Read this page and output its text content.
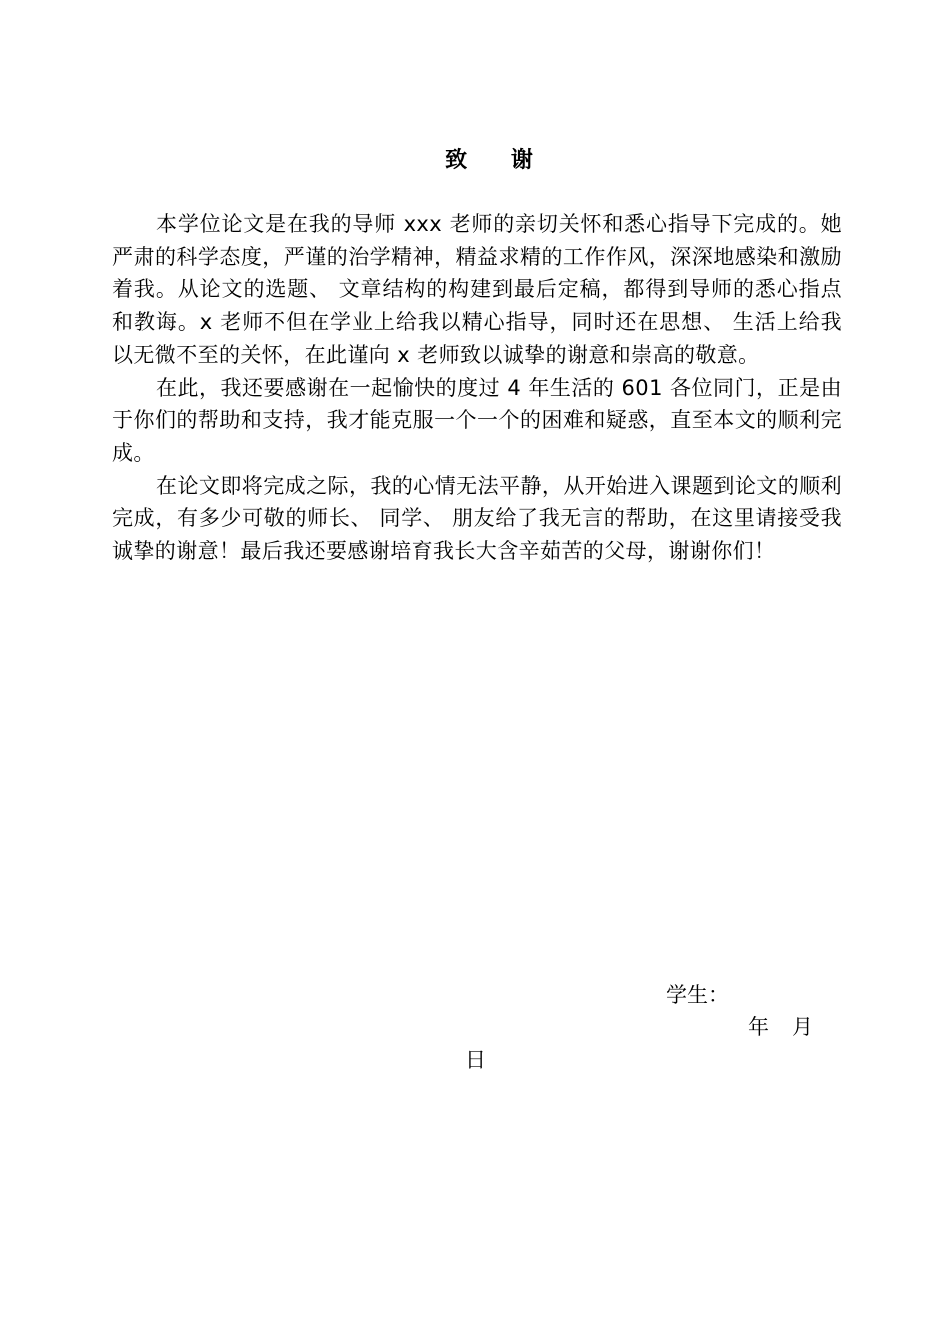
致 谢

本学位论文是在我的导师 xxx 老师的亲切关怀和悉心指导下完成的。她严肃的科学态度，严谨的治学精神，精益求精的工作作风，深深地感染和激励着我。从论文的选题、 文章结构的构建到最后定稿，都得到导师的悉心指点和教诲。x 老师不但在学业上给我以精心指导，同时还在思想、 生活上给我以无微不至的关怀，在此谨向 x 老师致以诚挚的谢意和崇高的敬意。

在此，我还要感谢在一起愉快的度过 4 年生活的 601 各位同门，正是由于你们的帮助和支持，我才能克服一个一个的困难和疑惑，直至本文的顺利完成。

在论文即将完成之际，我的心情无法平静，从开始进入课题到论文的顺利完成，有多少可敬的师长、 同学、 朋友给了我无言的帮助，在这里请接受我诚挚的谢意！最后我还要感谢培育我长大含辛茹苦的父母，谢谢你们！

学生：
年 月
日
